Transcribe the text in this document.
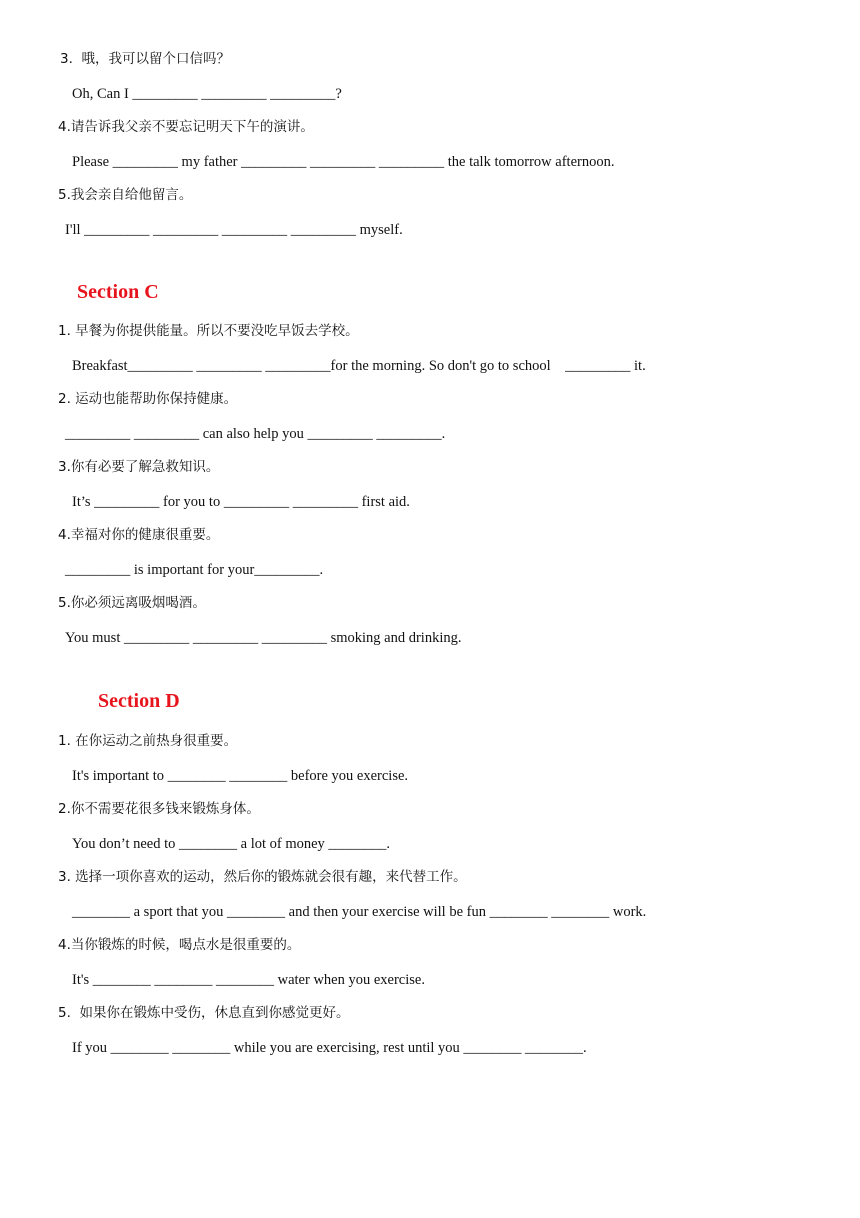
3.  哦，我可以留个口信吗？
Oh, Can I _________ _________ _________?
4.请告诉我父亲不要忘记明天下午的演讲。
Please _________ my father _________ _________ _________ the talk tomorrow afternoon.
5.我会亲自给他留言。
I'll _________ _________ _________ _________ myself.
Section C
1. 早餐为你提供能量。所以不要没吃早饭去学校。
Breakfast_________ _________ _________for the morning. So don't go to school    _________ it.
2. 运动也能帮助你保持健康。
_________ _________ can also help you _________ _________.
3.你有必要了解急救知识。
It’s _________ for you to _________ _________ first aid.
4.幸福对你的健康很重要。
_________ is important for your_________.
5.你必须远离吸烟喝酒。
You must _________ _________ _________ smoking and drinking.
Section D
1. 在你运动之前热身很重要。
It's important to ________ ________ before you exercise.
2.你不需要花很多钱来锻炼身体。
You don’t need to ________ a lot of money ________.
3. 选择一项你喜欢的运动，然后你的锻炼就会很有趣，来代替工作。
________ a sport that you ________ and then your exercise will be fun ________ ________ work.
4.当你锻炼的时候，喝点水是很重要的。
It's ________ ________ ________ water when you exercise.
5.  如果你在锻炼中受伤，休息直到你感觉更好。
If you ________ ________ while you are exercising, rest until you ________ ________.
